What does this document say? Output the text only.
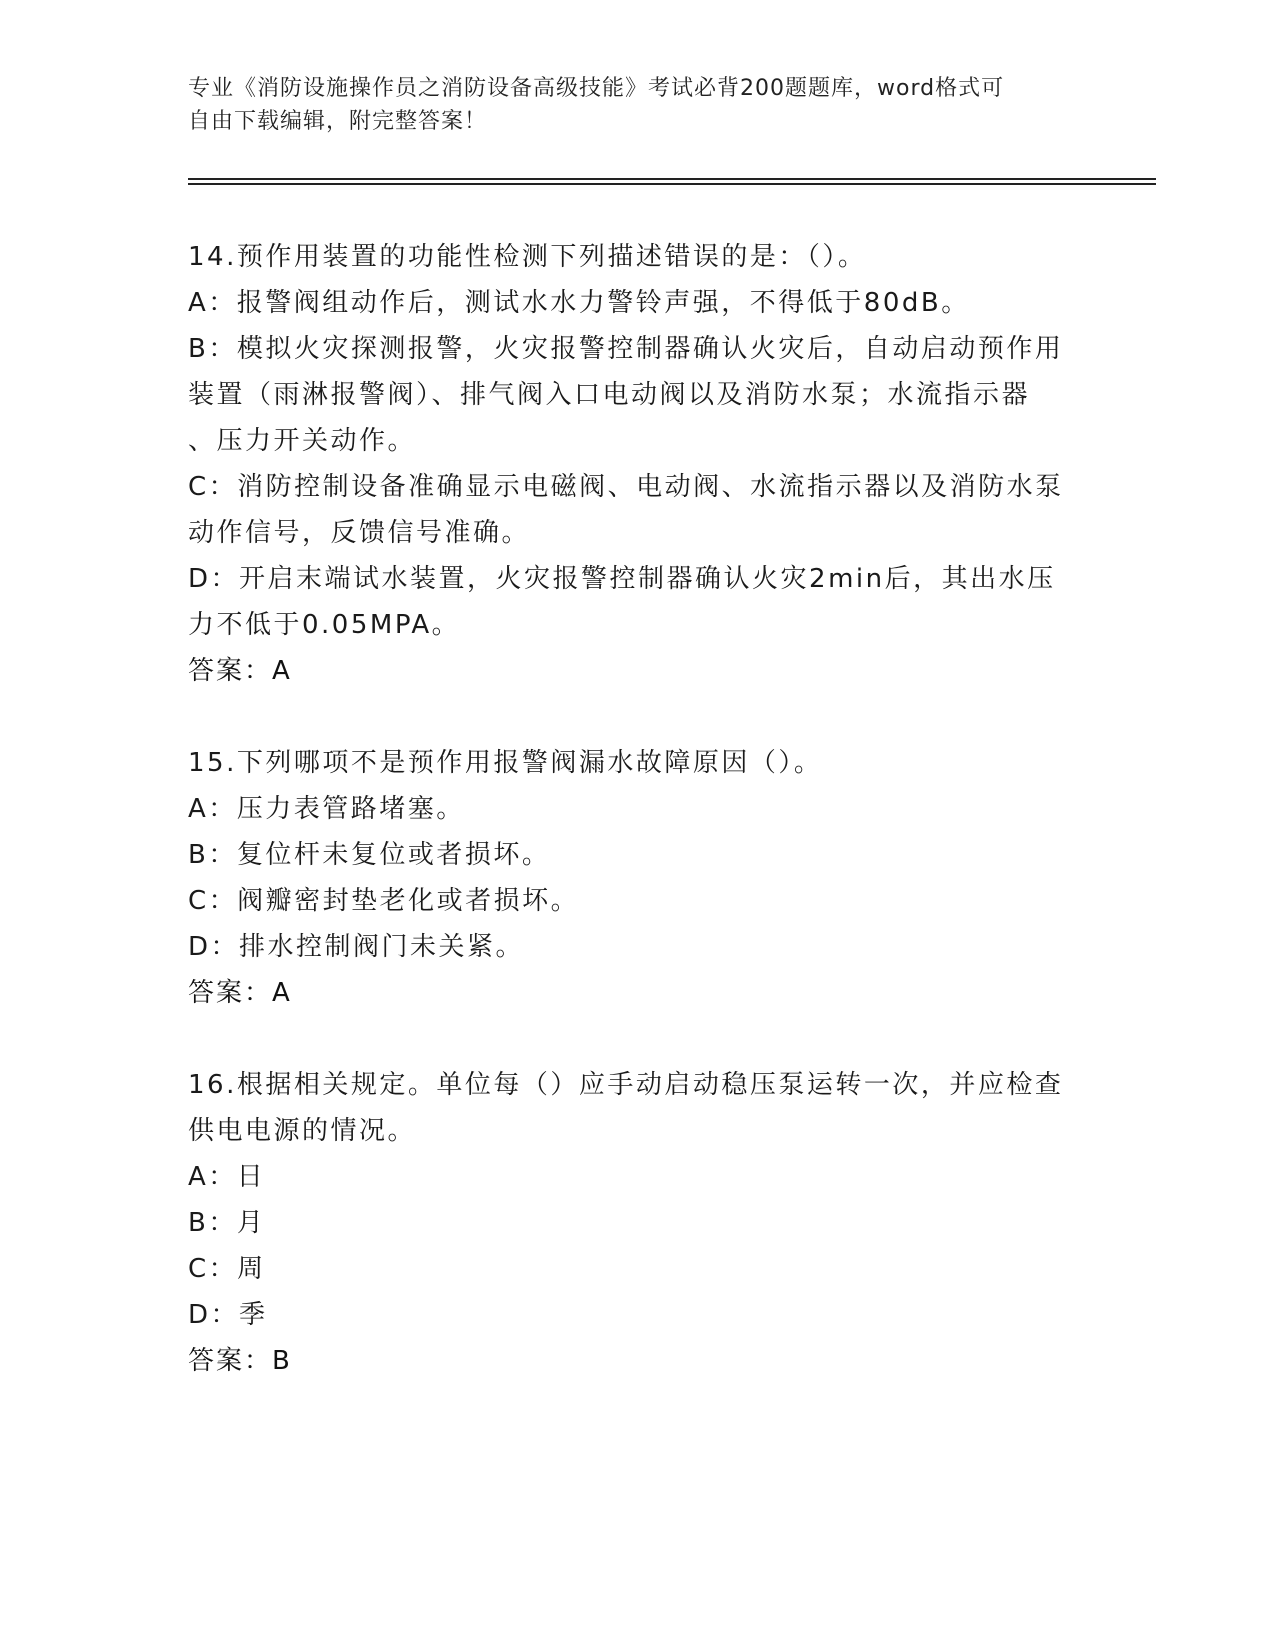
专业《消防设施操作员之消防设备高级技能》考试必背200题题库，word格式可
自由下载编辑，附完整答案！
14.预作用装置的功能性检测下列描述错误的是：（）。
A：报警阀组动作后，测试水水力警铃声强，不得低于80dB。
B：模拟火灾探测报警，火灾报警控制器确认火灾后，自动启动预作用
装置（雨淋报警阀）、排气阀入口电动阀以及消防水泵；水流指示器
、压力开关动作。
C：消防控制设备准确显示电磁阀、电动阀、水流指示器以及消防水泵
动作信号，反馈信号准确。
D：开启末端试水装置，火灾报警控制器确认火灾2min后，其出水压
力不低于0.05MPA。
答案：A
15.下列哪项不是预作用报警阀漏水故障原因（）。
A：压力表管路堵塞。
B：复位杆未复位或者损坏。
C：阀瓣密封垫老化或者损坏。
D：排水控制阀门未关紧。
答案：A
16.根据相关规定。单位每（）应手动启动稳压泵运转一次，并应检查
供电电源的情况。
A：日
B：月
C：周
D：季
答案：B
